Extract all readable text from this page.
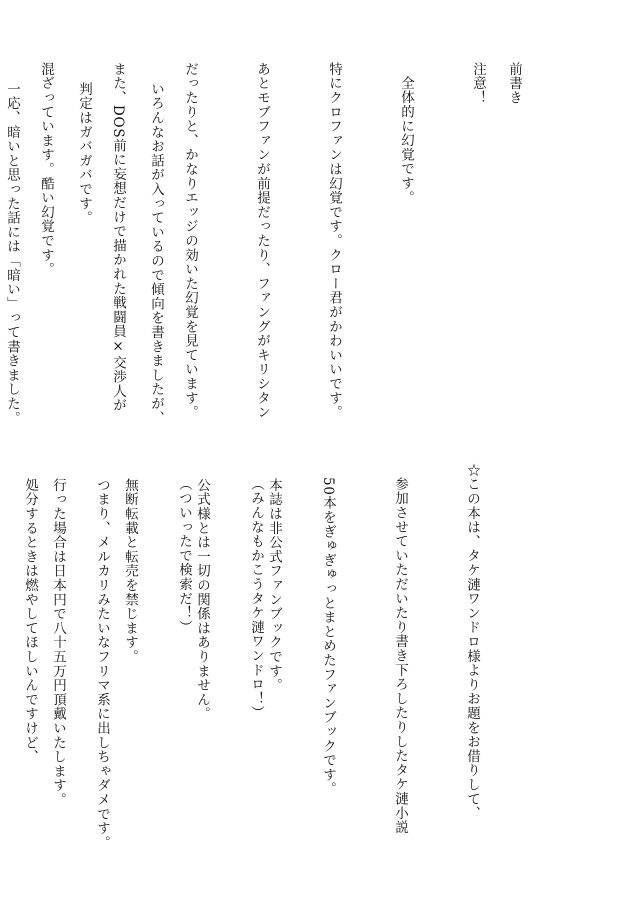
前書き

注意！

全体的に幻覚です。

特にクロファンは幻覚です。クロー君がかわいいです。

あとモブファンが前提だったり、ファングがキリシタン

だったりと、かなりエッジの効いた幻覚を見ています。

また、DOS前に妄想だけで描かれた戦闘員×交渉人が

混ざっています。酷い幻覚です。

	いろんなお話が入っているので傾向を書きましたが、

判定はガバガバです。

一応、暗いと思った話には「暗い」って書きました。

☆この本は、タケ漣ワンドロ様よりお題をお借りして、

参加させていただいたり書き下ろしたりしたタケ漣小説

50本をぎゅぎゅっとまとめたファンブックです。

（みんなもかこうタケ漣ワンドロ！）

（ついったで検索だ！）

	本誌は非公式ファンブックです。

公式様とは一切の関係はありません。

無断転載と転売を禁じます。

行った場合は日本円で八十五万円頂戴いたします。

つまり、メルカリみたいなフリマ系に出しちゃダメです。

処分するときは燃やしてほしいんですけど、
